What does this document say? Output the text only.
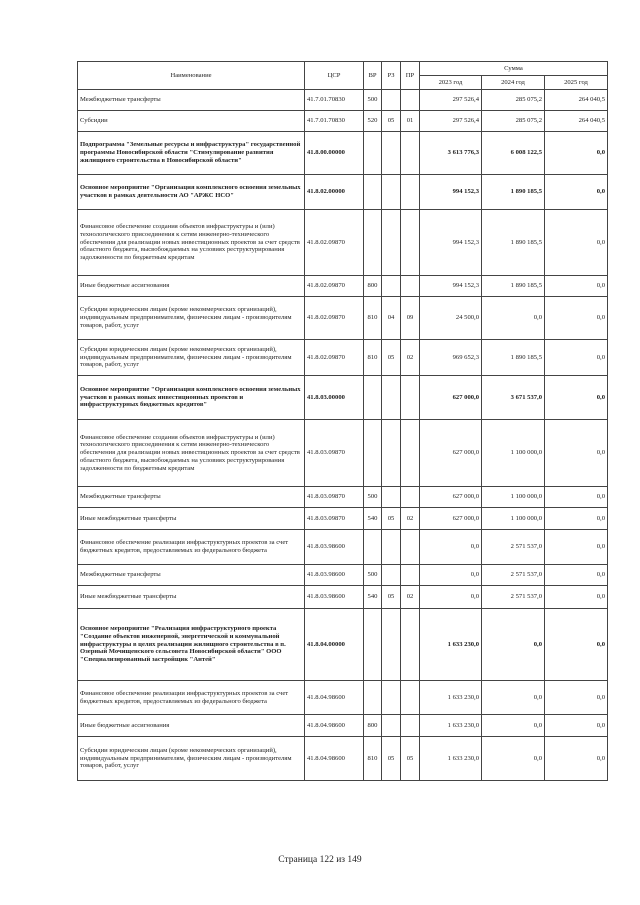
Наименование	ЦСР	ВР	РЗ	ПР	Сумма		
					2023 год	2024 год	2025 год
Межбюджетные трансферты	41.7.01.70830	500			297 526,4	285 075,2	264 040,5
Субсидии	41.7.01.70830	520	05	01	297 526,4	285 075,2	264 040,5
Подпрограмма "Земельные ресурсы и инфраструктура" государственной программы Новосибирской области "Стимулирование развития жилищного строительства в Новосибирской области"	41.8.00.00000				3 613 776,3	6 008 122,5	0,0
Основное мероприятие "Организация комплексного освоения земельных участков в рамках деятельности АО "АРЖС НСО"	41.8.02.00000				994 152,3	1 890 185,5	0,0
Финансовое обеспечение создания объектов инфраструктуры и (или) технологического присоединения к сетям инженерно-технического обеспечения для реализации новых инвестиционных проектов за счет средств областного бюджета, высвобождаемых на условиях реструктурирования задолженности по бюджетным кредитам	41.8.02.09870				994 152,3	1 890 185,5	0,0
Иные бюджетные ассигнования	41.8.02.09870	800			994 152,3	1 890 185,5	0,0
Субсидии юридическим лицам (кроме некоммерческих организаций), индивидуальным предпринимателям, физическим лицам - производителям товаров, работ, услуг	41.8.02.09870	810	04	09	24 500,0	0,0	0,0
Субсидии юридическим лицам (кроме некоммерческих организаций), индивидуальным предпринимателям, физическим лицам - производителям товаров, работ, услуг	41.8.02.09870	810	05	02	969 652,3	1 890 185,5	0,0
Основное мероприятие "Организация комплексного освоения земельных участков в рамках новых инвестиционных проектов и инфраструктурных бюджетных кредитов"	41.8.03.00000				627 000,0	3 671 537,0	0,0
Финансовое обеспечение создания объектов инфраструктуры и (или) технологического присоединения к сетям инженерно-технического обеспечения для реализации новых инвестиционных проектов за счет средств областного бюджета, высвобождаемых на условиях реструктурирования задолженности по бюджетным кредитам	41.8.03.09870				627 000,0	1 100 000,0	0,0
Межбюджетные трансферты	41.8.03.09870	500			627 000,0	1 100 000,0	0,0
Иные межбюджетные трансферты	41.8.03.09870	540	05	02	627 000,0	1 100 000,0	0,0
Финансовое обеспечение реализации инфраструктурных проектов за счет бюджетных кредитов, предоставляемых из федерального бюджета	41.8.03.98600				0,0	2 571 537,0	0,0
Межбюджетные трансферты	41.8.03.98600	500			0,0	2 571 537,0	0,0
Иные межбюджетные трансферты	41.8.03.98600	540	05	02	0,0	2 571 537,0	0,0
Основное мероприятие "Реализация инфраструктурного проекта "Создание объектов инженерной, энергетической и коммунальной инфраструктуры в целях реализации жилищного строительства в п. Озерный Мочищенского сельсовета Новосибирской области" ООО "Специализированный застройщик "Антей"	41.8.04.00000				1 633 230,0	0,0	0,0
Финансовое обеспечение реализации инфраструктурных проектов за счет бюджетных кредитов, предоставляемых из федерального бюджета	41.8.04.98600				1 633 230,0	0,0	0,0
Иные бюджетные ассигнования	41.8.04.98600	800			1 633 230,0	0,0	0,0
Субсидии юридическим лицам (кроме некоммерческих организаций), индивидуальным предпринимателям, физическим лицам - производителям товаров, работ, услуг	41.8.04.98600	810	05	05	1 633 230,0	0,0	0,0
Страница 122 из 149
